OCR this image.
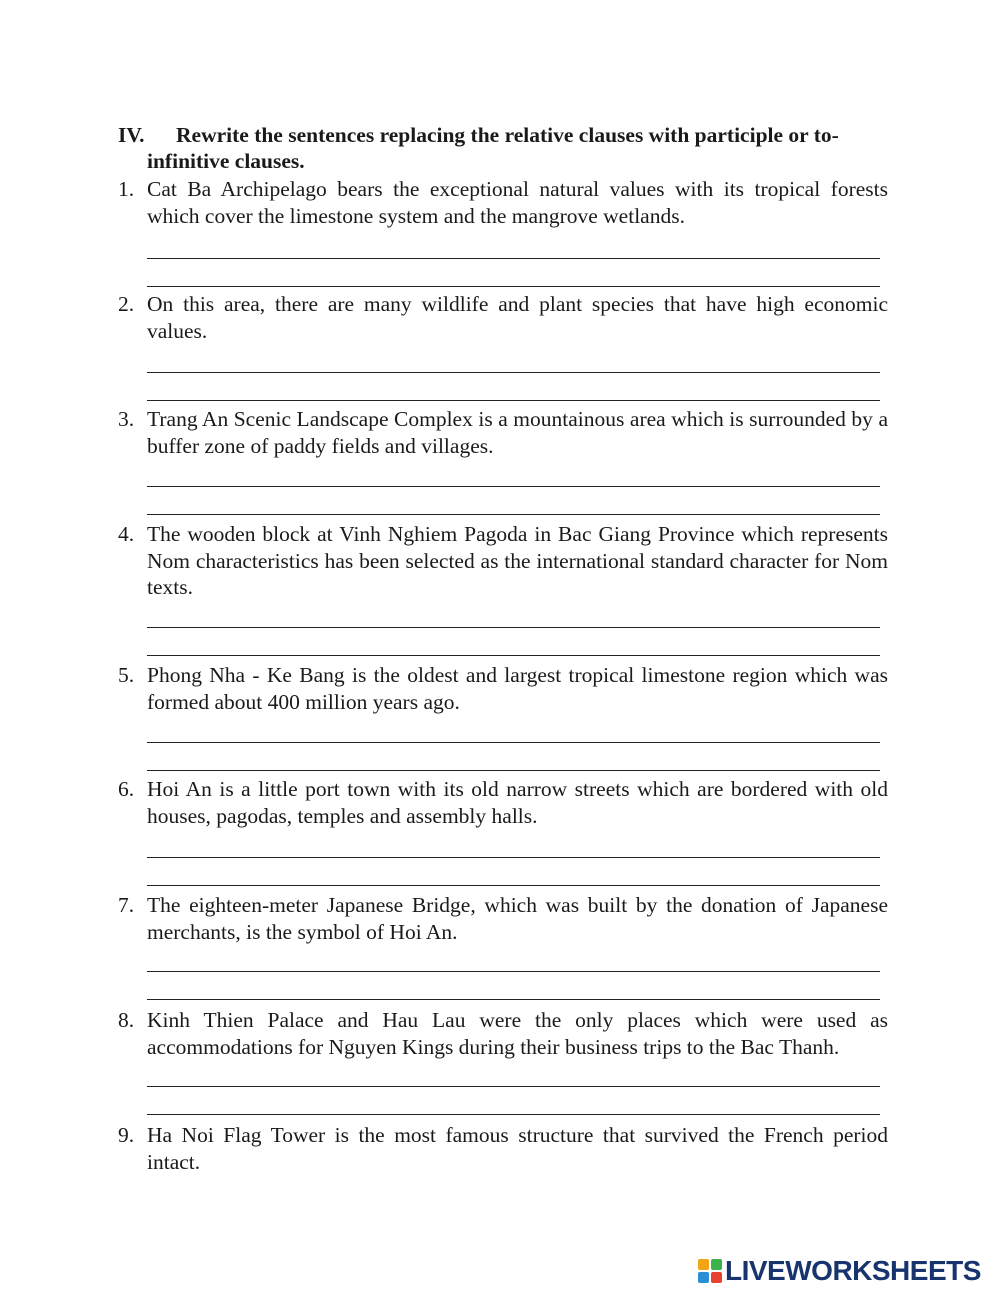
IV.	Rewrite the sentences replacing the relative clauses with participle or to-infinitive clauses.
1. Cat Ba Archipelago bears the exceptional natural values with its tropical forests which cover the limestone system and the mangrove wetlands.
2. On this area, there are many wildlife and plant species that have high economic values.
3. Trang An Scenic Landscape Complex is a mountainous area which is surrounded by a buffer zone of paddy fields and villages.
4. The wooden block at Vinh Nghiem Pagoda in Bac Giang Province which represents Nom characteristics has been selected as the international standard character for Nom texts.
5. Phong Nha - Ke Bang is the oldest and largest tropical limestone region which was formed about 400 million years ago.
6. Hoi An is a little port town with its old narrow streets which are bordered with old houses, pagodas, temples and assembly halls.
7. The eighteen-meter Japanese Bridge, which was built by the donation of Japanese merchants, is the symbol of Hoi An.
8. Kinh Thien Palace and Hau Lau were the only places which were used as accommodations for Nguyen Kings during their business trips to the Bac Thanh.
9. Ha Noi Flag Tower is the most famous structure that survived the French period intact.
LIVEWORKSHEETS
